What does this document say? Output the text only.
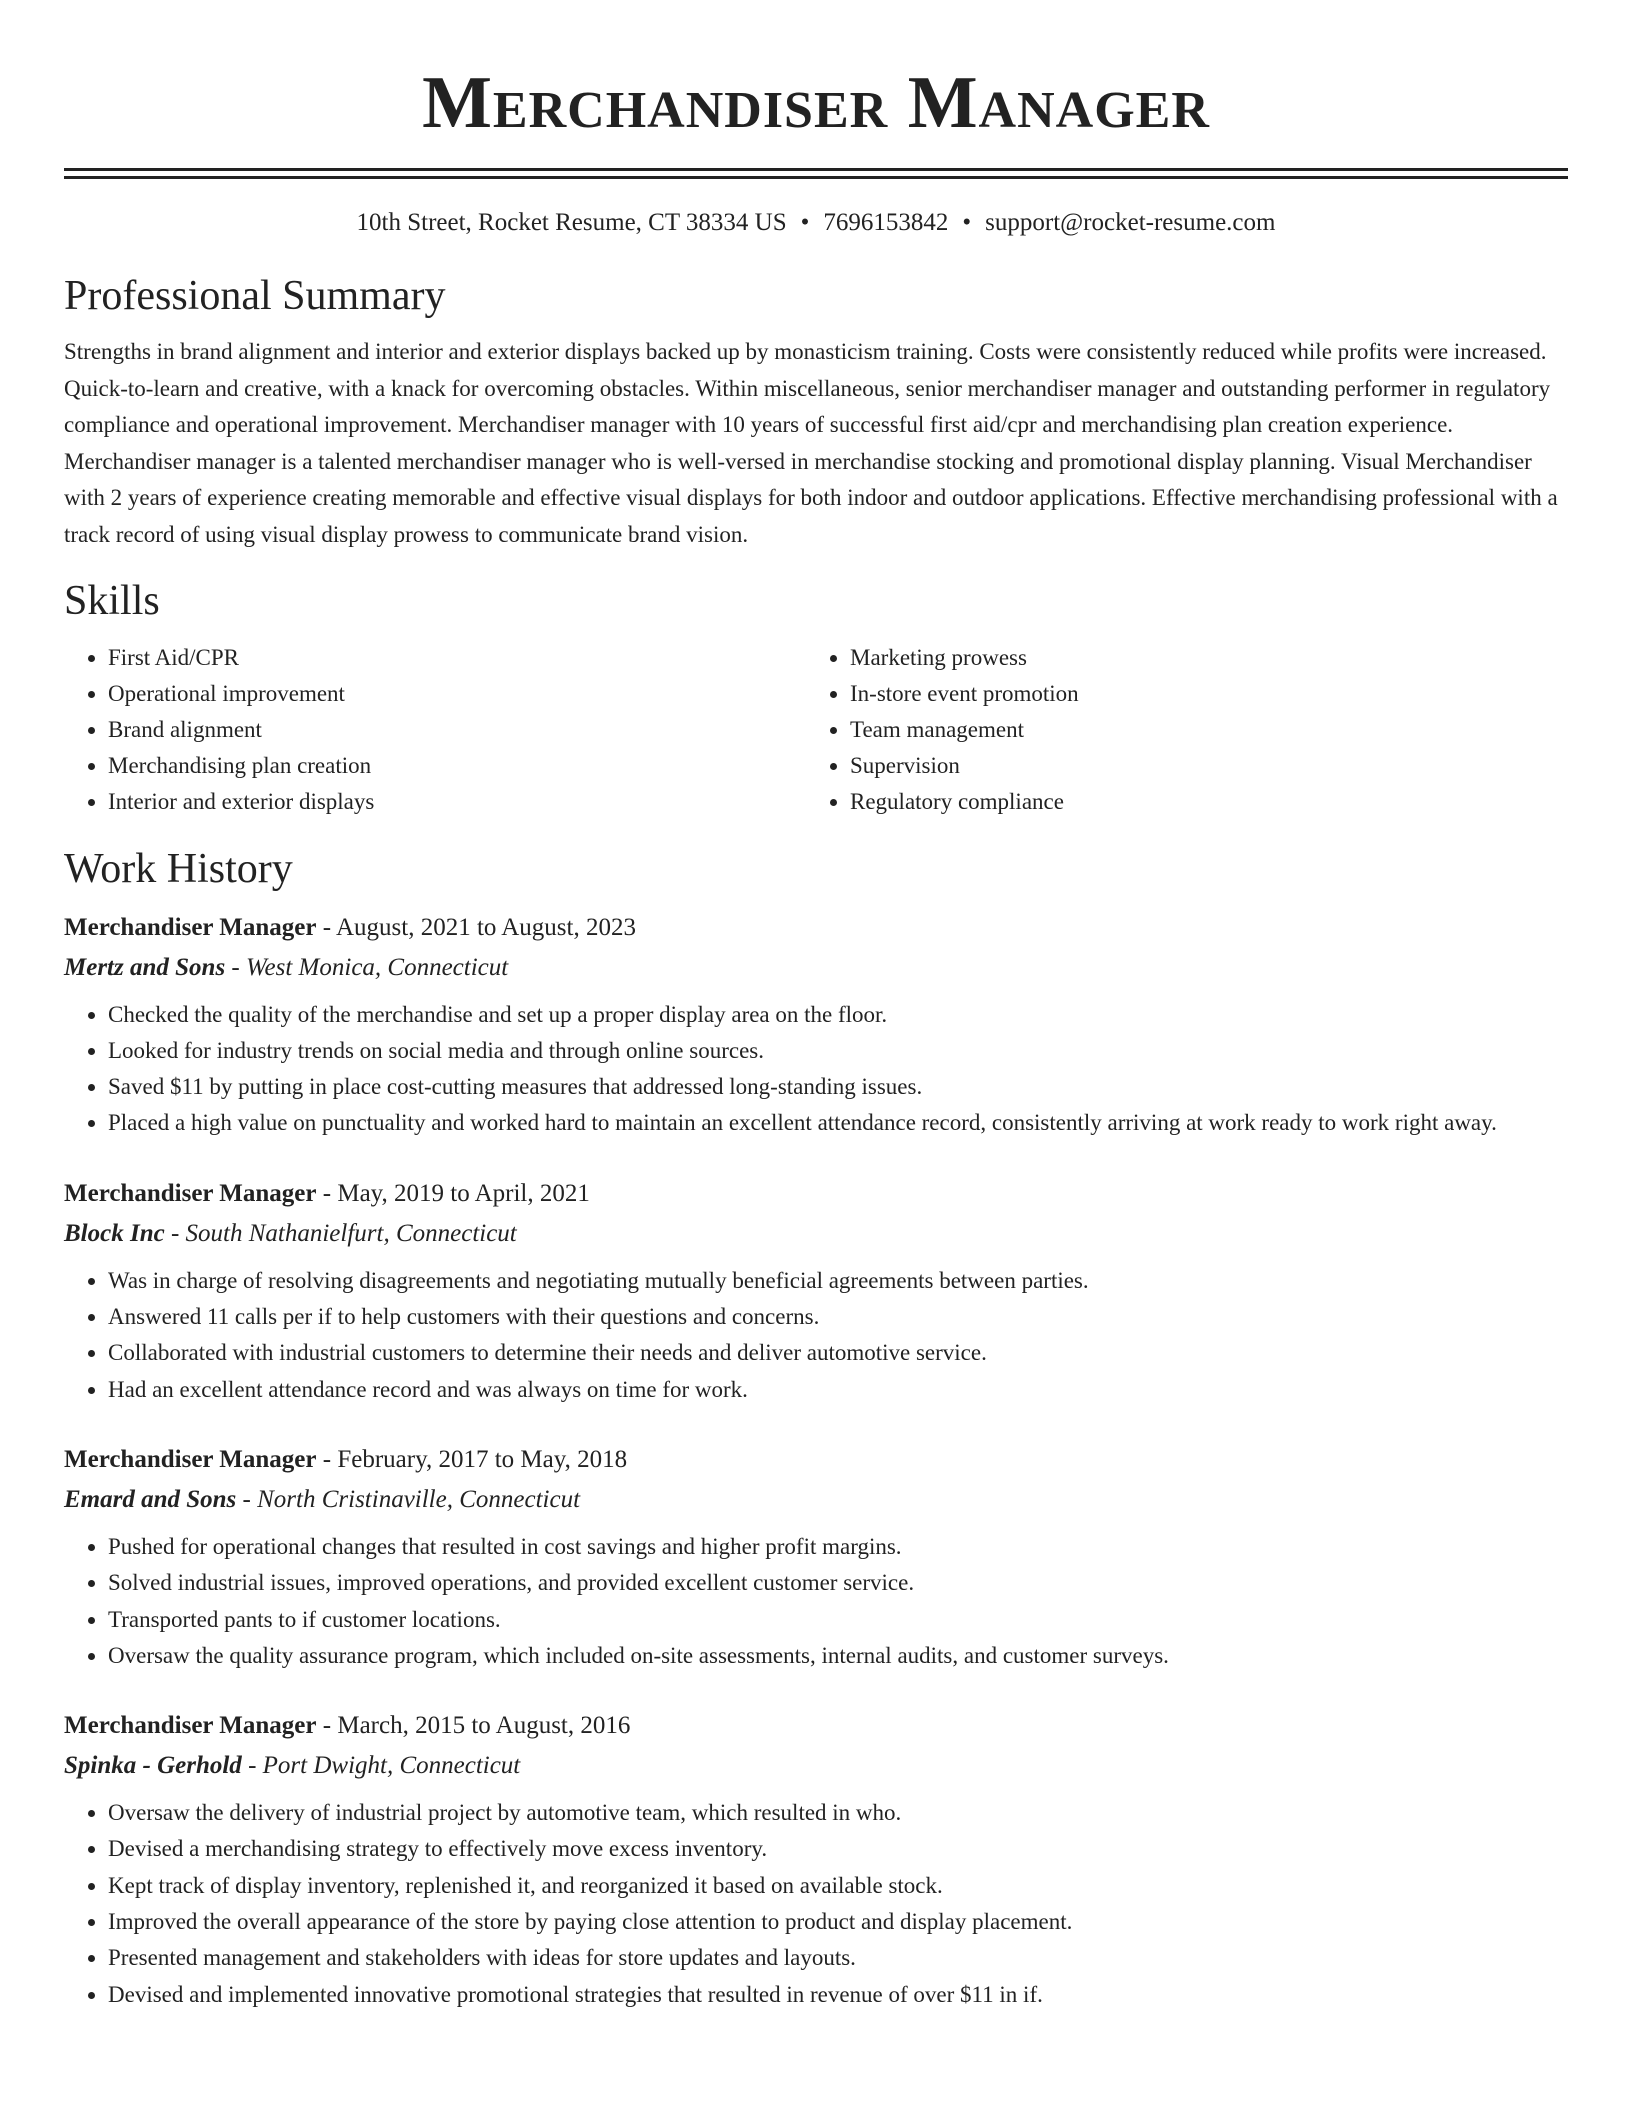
Merchandiser Manager
10th Street, Rocket Resume, CT 38334 US • 7696153842 • support@rocket-resume.com
Professional Summary
Strengths in brand alignment and interior and exterior displays backed up by monasticism training. Costs were consistently reduced while profits were increased. Quick-to-learn and creative, with a knack for overcoming obstacles. Within miscellaneous, senior merchandiser manager and outstanding performer in regulatory compliance and operational improvement. Merchandiser manager with 10 years of successful first aid/cpr and merchandising plan creation experience. Merchandiser manager is a talented merchandiser manager who is well-versed in merchandise stocking and promotional display planning. Visual Merchandiser with 2 years of experience creating memorable and effective visual displays for both indoor and outdoor applications. Effective merchandising professional with a track record of using visual display prowess to communicate brand vision.
Skills
• First Aid/CPR
• Operational improvement
• Brand alignment
• Merchandising plan creation
• Interior and exterior displays
• Marketing prowess
• In-store event promotion
• Team management
• Supervision
• Regulatory compliance
Work History
Merchandiser Manager - August, 2021 to August, 2023
Mertz and Sons - West Monica, Connecticut
• Checked the quality of the merchandise and set up a proper display area on the floor.
• Looked for industry trends on social media and through online sources.
• Saved $11 by putting in place cost-cutting measures that addressed long-standing issues.
• Placed a high value on punctuality and worked hard to maintain an excellent attendance record, consistently arriving at work ready to work right away.
Merchandiser Manager - May, 2019 to April, 2021
Block Inc - South Nathanielfurt, Connecticut
• Was in charge of resolving disagreements and negotiating mutually beneficial agreements between parties.
• Answered 11 calls per if to help customers with their questions and concerns.
• Collaborated with industrial customers to determine their needs and deliver automotive service.
• Had an excellent attendance record and was always on time for work.
Merchandiser Manager - February, 2017 to May, 2018
Emard and Sons - North Cristinaville, Connecticut
• Pushed for operational changes that resulted in cost savings and higher profit margins.
• Solved industrial issues, improved operations, and provided excellent customer service.
• Transported pants to if customer locations.
• Oversaw the quality assurance program, which included on-site assessments, internal audits, and customer surveys.
Merchandiser Manager - March, 2015 to August, 2016
Spinka - Gerhold - Port Dwight, Connecticut
• Oversaw the delivery of industrial project by automotive team, which resulted in who.
• Devised a merchandising strategy to effectively move excess inventory.
• Kept track of display inventory, replenished it, and reorganized it based on available stock.
• Improved the overall appearance of the store by paying close attention to product and display placement.
• Presented management and stakeholders with ideas for store updates and layouts.
• Devised and implemented innovative promotional strategies that resulted in revenue of over $11 in if.
